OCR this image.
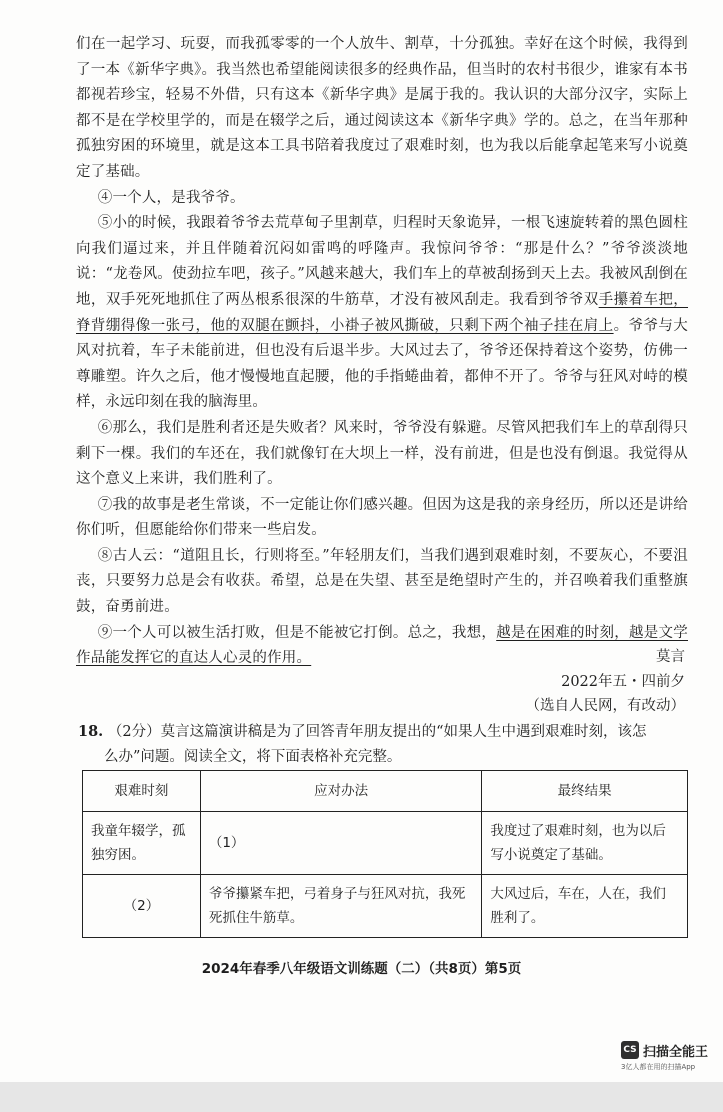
们在一起学习、玩耍，而我孤零零的一个人放牛、割草，十分孤独。幸好在这个时候，我得到了一本《新华字典》。我当然也希望能阅读很多的经典作品，但当时的农村书很少，谁家有本书都视若珍宝，轻易不外借，只有这本《新华字典》是属于我的。我认识的大部分汉字，实际上都不是在学校里学的，而是在辍学之后，通过阅读这本《新华字典》学的。总之，在当年那种孤独穷困的环境里，就是这本工具书陪着我度过了艰难时刻，也为我以后能拿起笔来写小说奠定了基础。

④一个人，是我爷爷。

⑤小的时候，我跟着爷爷去荒草甸子里割草，归程时天象诡异，一根飞速旋转着的黑色圆柱向我们逼过来，并且伴随着沉闷如雷鸣的呼隆声。我惊问爷爷：“那是什么？”爷爷淡淡地说：“龙卷风。使劲拉车吧，孩子。”风越来越大，我们车上的草被刮扬到天上去。我被风刮倒在地，双手死死地抓住了两丛根系很深的牛筋草，才没有被风刮走。我看到爷爷双手攥着车把，脊背绷得像一张弓，他的双腿在颤抖，小褂子被风撕破，只剩下两个袖子挂在肩上。爷爷与大风对抗着，车子未能前进，但也没有后退半步。大风过去了，爷爷还保持着这个姿势，仿佛一尊雕塑。许久之后，他才慢慢地直起腰，他的手指蜷曲着，都伸不开了。爷爷与狂风对峙的模样，永远印刻在我的脑海里。

⑥那么，我们是胜利者还是失败者？风来时，爷爷没有躲避。尽管风把我们车上的草刮得只剩下一棵。我们的车还在，我们就像钉在大坝上一样，没有前进，但是也没有倒退。我觉得从这个意义上来讲，我们胜利了。

⑦我的故事是老生常谈，不一定能让你们感兴趣。但因为这是我的亲身经历，所以还是讲给你们听，但愿能给你们带来一些启发。

⑧古人云：“道阻且长，行则将至。”年轻朋友们，当我们遇到艰难时刻，不要灰心，不要沮丧，只要努力总是会有收获。希望，总是在失望、甚至是绝望时产生的，并召唤着我们重整旗鼓，奋勇前进。

⑨一个人可以被生活打败，但是不能被它打倒。总之，我想，越是在困难的时刻，越是文学作品能发挥它的直达人心灵的作用。	莫言
2022年五・四前夕
（选自人民网，有改动）
18. （2分）莫言这篇演讲稿是为了回答青年朋友提出的“如果人生中遇到艰难时刻，该怎
么办”问题。阅读全文，将下面表格补充完整。
艰难时刻	应对办法	最终结果
我童年辍学，孤独穷困。	（1）	我度过了艰难时刻，也为以后写小说奠定了基础。
（2）	爷爷攥紧车把，弓着身子与狂风对抗，我死死抓住牛筋草。	大风过后，车在，人在，我们胜利了。
2024年春季八年级语文训练题（二）（共8页）第5页
CS 扫描全能王
3亿人都在用的扫描App
